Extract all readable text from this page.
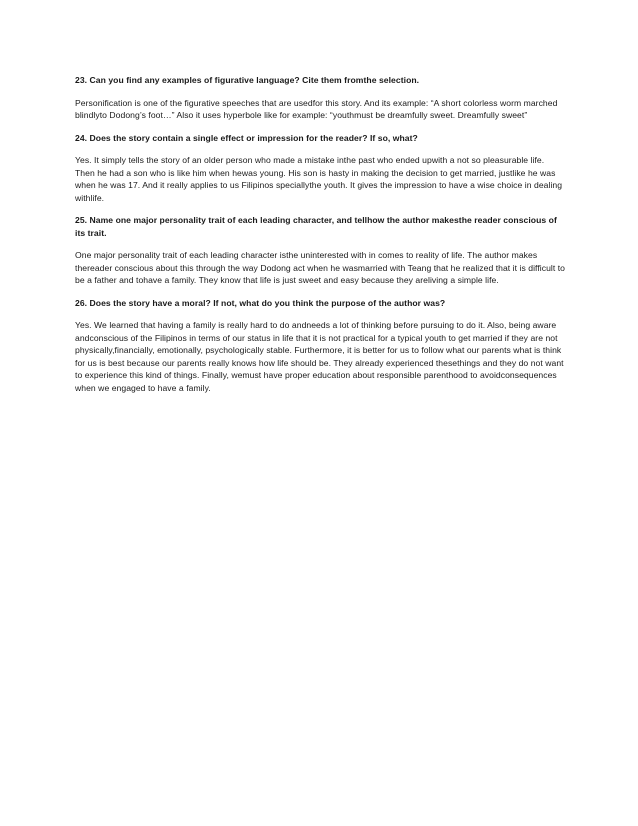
23. Can you find any examples of figurative language? Cite them fromthe selection.

Personification is one of the figurative speeches that are usedfor this story. And its example: “A short colorless worm marched blindlyto Dodong’s foot…” Also it uses hyperbole like for example: “youthmust be dreamfully sweet. Dreamfully sweet”

24. Does the story contain a single effect or impression for the reader? If so, what?

Yes. It simply tells the story of an older person who made a mistake inthe past who ended upwith a not so pleasurable life. Then he had a son who is like him when hewas young. His son is hasty in making the decision to get married, justlike he was when he was 17. And it really applies to us Filipinos speciallythe youth. It gives the impression to have a wise choice in dealing withlife.

25. Name one major personality trait of each leading character, and tellhow the author makesthe reader conscious of its trait.

One major personality trait of each leading character isthe uninterested with in comes to reality of life. The author makes thereader conscious about this through the way Dodong act when he wasmarried with Teang that he realized that it is difficult to be a father and tohave a family. They know that life is just sweet and easy because they areliving a simple life.

26. Does the story have a moral? If not, what do you think the purpose of the author was?

Yes. We learned that having a family is really hard to do andneeds a lot of thinking before pursuing to do it. Also, being aware andconscious of the Filipinos in terms of our status in life that it is not practical for a typical youth to get married if they are not physically,financially, emotionally, psychologically stable. Furthermore, it is better for us to follow what our parents what is think for us is best because our parents really knows how life should be. They already experienced thesethings and they do not want to experience this kind of things. Finally, wemust have proper education about responsible parenthood to avoidconsequences when we engaged to have a family.
